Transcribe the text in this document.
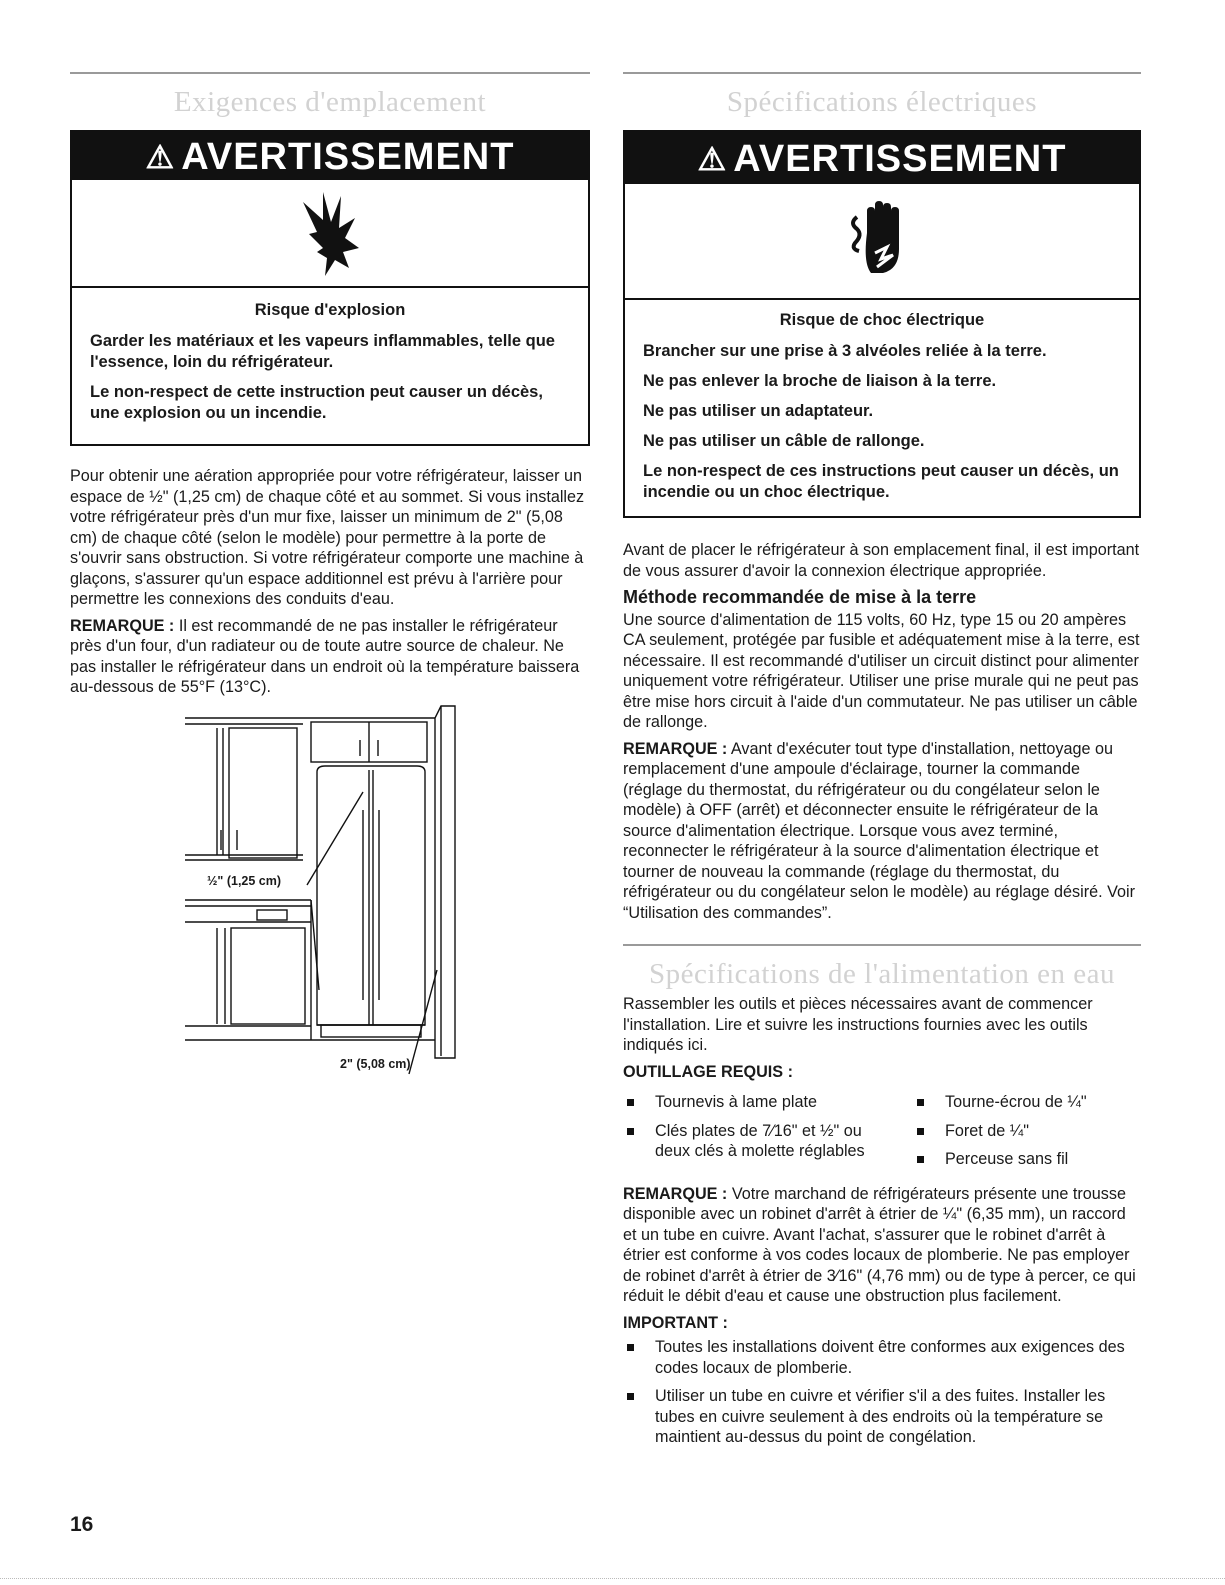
Exigences d'emplacement
⚠ AVERTISSEMENT
Risque d'explosion

Garder les matériaux et les vapeurs inflammables, telle que l'essence, loin du réfrigérateur.

Le non-respect de cette instruction peut causer un décès, une explosion ou un incendie.

Pour obtenir une aération appropriée pour votre réfrigérateur, laisser un espace de ½" (1,25 cm) de chaque côté et au sommet. Si vous installez votre réfrigérateur près d'un mur fixe, laisser un minimum de 2" (5,08 cm) de chaque côté (selon le modèle) pour permettre à la porte de s'ouvrir sans obstruction. Si votre réfrigérateur comporte une machine à glaçons, s'assurer qu'un espace additionnel est prévu à l'arrière pour permettre les connexions des conduits d'eau.

REMARQUE : Il est recommandé de ne pas installer le réfrigérateur près d'un four, d'un radiateur ou de toute autre source de chaleur. Ne pas installer le réfrigérateur dans un endroit où la température baissera au-dessous de 55°F (13°C).

½" (1,25 cm)
2" (5,08 cm)
Spécifications électriques
⚠ AVERTISSEMENT
Risque de choc électrique

Brancher sur une prise à 3 alvéoles reliée à la terre.

Ne pas enlever la broche de liaison à la terre.

Ne pas utiliser un adaptateur.

Ne pas utiliser un câble de rallonge.

Le non-respect de ces instructions peut causer un décès, un incendie ou un choc électrique.

Avant de placer le réfrigérateur à son emplacement final, il est important de vous assurer d'avoir la connexion électrique appropriée.

Méthode recommandée de mise à la terre

Une source d'alimentation de 115 volts, 60 Hz, type 15 ou 20 ampères CA seulement, protégée par fusible et adéquatement mise à la terre, est nécessaire. Il est recommandé d'utiliser un circuit distinct pour alimenter uniquement votre réfrigérateur. Utiliser une prise murale qui ne peut pas être mise hors circuit à l'aide d'un commutateur. Ne pas utiliser un câble de rallonge.

REMARQUE : Avant d'exécuter tout type d'installation, nettoyage ou remplacement d'une ampoule d'éclairage, tourner la commande (réglage du thermostat, du réfrigérateur ou du congélateur selon le modèle) à OFF (arrêt) et déconnecter ensuite le réfrigérateur de la source d'alimentation électrique. Lorsque vous avez terminé, reconnecter le réfrigérateur à la source d'alimentation électrique et tourner de nouveau la commande (réglage du thermostat, du réfrigérateur ou du congélateur selon le modèle) au réglage désiré. Voir “Utilisation des commandes”.

Spécifications de l'alimentation en eau

Rassembler les outils et pièces nécessaires avant de commencer l'installation. Lire et suivre les instructions fournies avec les outils indiqués ici.

OUTILLAGE REQUIS :
Tournevis à lame plate
Clés plates de 7⁄16" et ½" ou deux clés à molette réglables
Tourne-écrou de ¼"
Foret de ¼"
Perceuse sans fil

REMARQUE : Votre marchand de réfrigérateurs présente une trousse disponible avec un robinet d'arrêt à étrier de ¼" (6,35 mm), un raccord et un tube en cuivre. Avant l'achat, s'assurer que le robinet d'arrêt à étrier est conforme à vos codes locaux de plomberie. Ne pas employer de robinet d'arrêt à étrier de 3⁄16" (4,76 mm) ou de type à percer, ce qui réduit le débit d'eau et cause une obstruction plus facilement.

IMPORTANT :
Toutes les installations doivent être conformes aux exigences des codes locaux de plomberie.
Utiliser un tube en cuivre et vérifier s'il a des fuites. Installer les tubes en cuivre seulement à des endroits où la température se maintient au-dessus du point de congélation.
16
